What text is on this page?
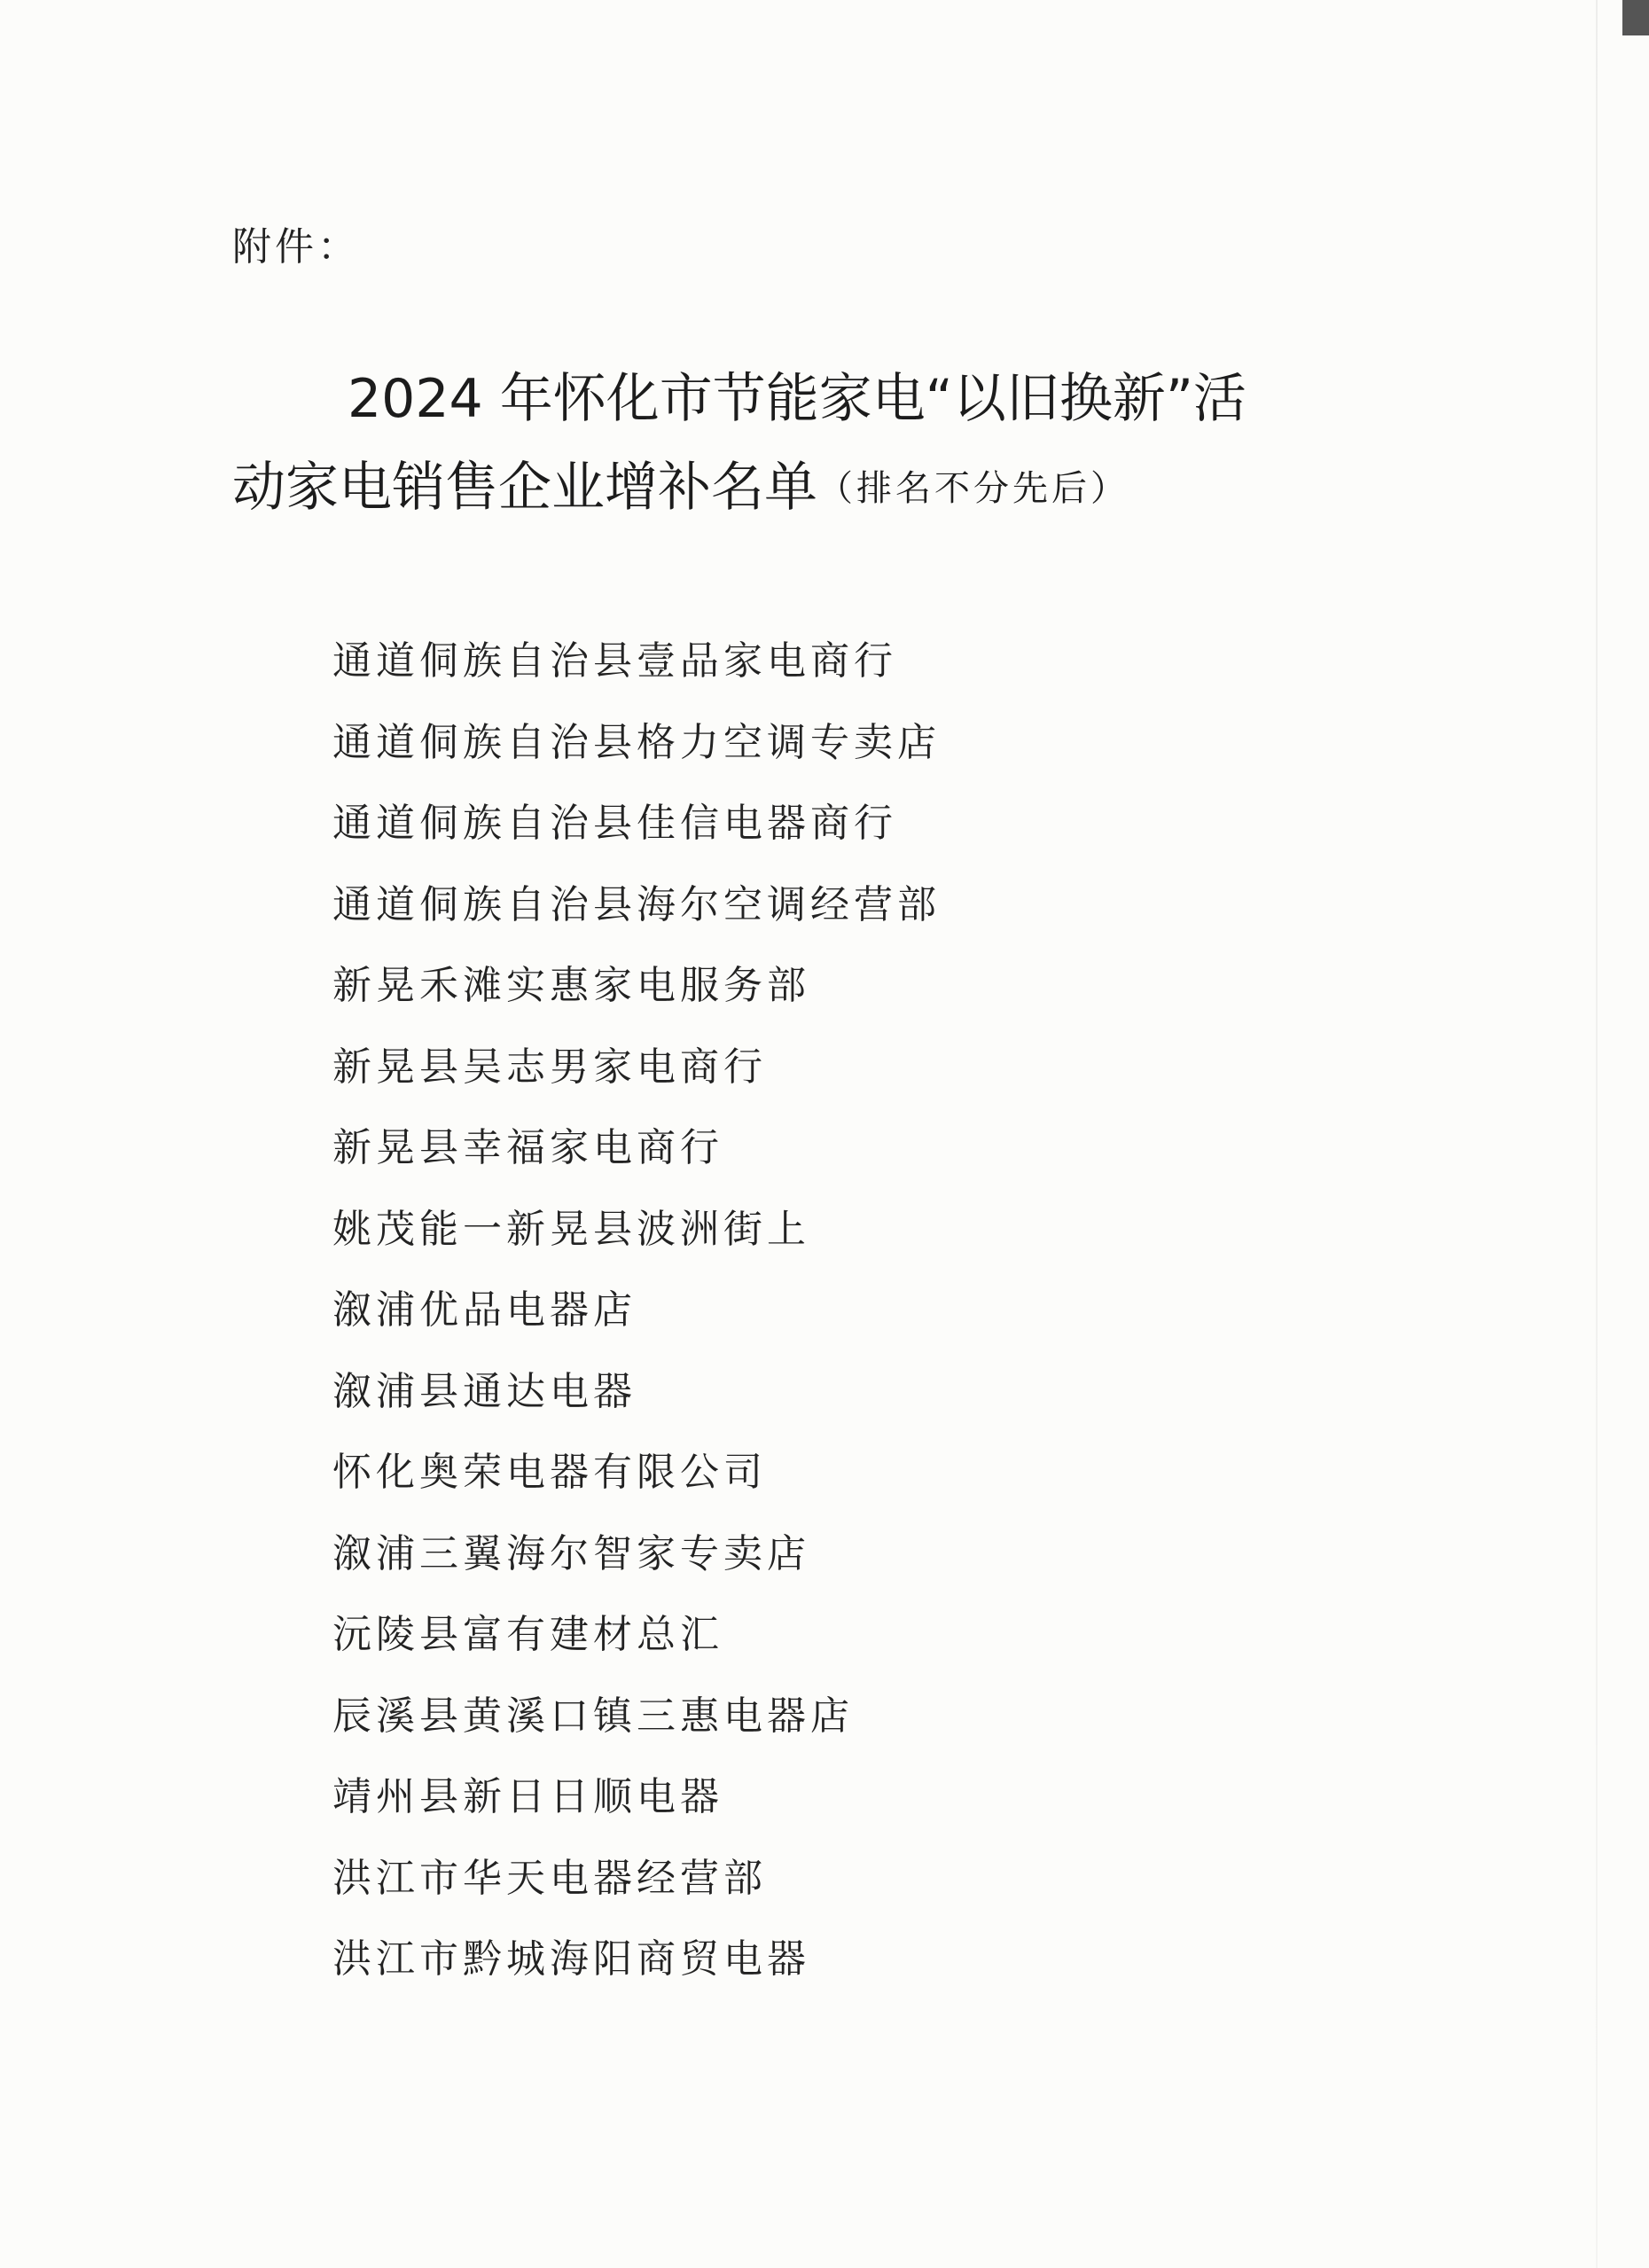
附件：
2024 年怀化市节能家电“以旧换新”活
动家电销售企业增补名单（排名不分先后）
通道侗族自治县壹品家电商行
通道侗族自治县格力空调专卖店
通道侗族自治县佳信电器商行
通道侗族自治县海尔空调经营部
新晃禾滩实惠家电服务部
新晃县吴志男家电商行
新晃县幸福家电商行
姚茂能一新晃县波洲街上
溆浦优品电器店
溆浦县通达电器
怀化奥荣电器有限公司
溆浦三翼海尔智家专卖店
沅陵县富有建材总汇
辰溪县黄溪口镇三惠电器店
靖州县新日日顺电器
洪江市华天电器经营部
洪江市黔城海阳商贸电器
